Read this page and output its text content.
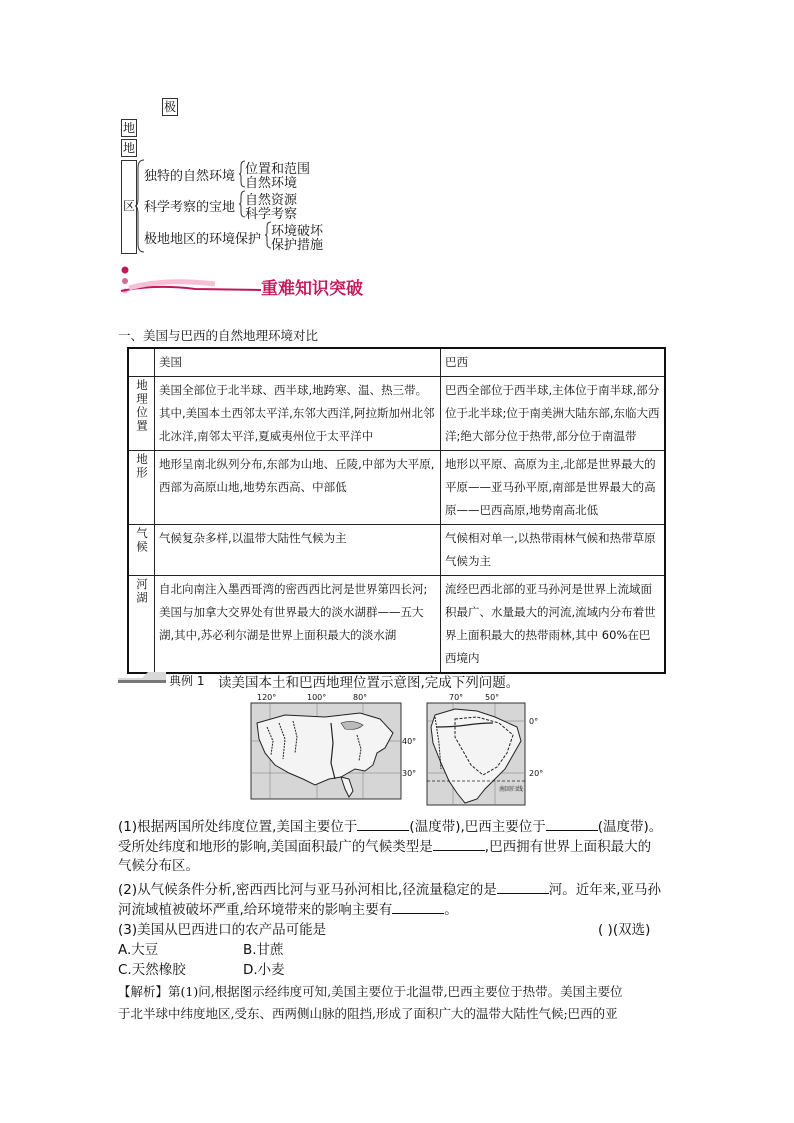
极
地
地
区
独特的自然环境 位置和范围
自然环境
科学考察的宝地 自然资源
科学考察
极地地区的环境保护
环境破坏
保护措施
重难知识突破
一、美国与巴西的自然地理环境对比
	美国	巴西
地理位置	美国全部位于北半球、西半球,地跨寒、温、热三带。其中,美国本土西邻太平洋,东邻大西洋,阿拉斯加州北邻北冰洋,南邻太平洋,夏威夷州位于太平洋中	巴西全部位于西半球,主体位于南半球,部分位于北半球;位于南美洲大陆东部,东临大西洋;绝大部分位于热带,部分位于南温带
地形	地形呈南北纵列分布,东部为山地、丘陵,中部为大平原,西部为高原山地,地势东西高、中部低	地形以平原、高原为主,北部是世界最大的平原——亚马孙平原,南部是世界最大的高原——巴西高原,地势南高北低
气候	气候复杂多样,以温带大陆性气候为主	气候相对单一,以热带雨林气候和热带草原气候为主
河湖	自北向南注入墨西哥湾的密西西比河是世界第四长河;美国与加拿大交界处有世界最大的淡水湖群——五大湖,其中,苏必利尔湖是世界上面积最大的淡水湖	流经巴西北部的亚马孙河是世界上流域面积最广、水量最大的河流,流域内分布着世界上面积最大的热带雨林,其中 60%在巴西境内
典例 1 读美国本土和巴西地理位置示意图,完成下列问题。
120°	100°	80°
40°
30°
70°	50°
0°
20°
南回归线
(1)根据两国所处纬度位置,美国主要位于	(温度带),巴西主要位于	(温度带)。
受所处纬度和地形的影响,美国面积最广的气候类型是	,巴西拥有世界上面积最大的
气候分布区。
(2)从气候条件分析,密西西比河与亚马孙河相比,径流量稳定的是	河。近年来,亚马孙
河流域植被破坏严重,给环境带来的影响主要有	。
(3)美国从巴西进口的农产品可能是	( )(双选)
A.大豆	B.甘蔗
C.天然橡胶	D.小麦
【解析】第(1)问,根据图示经纬度可知,美国主要位于北温带,巴西主要位于热带。美国主要位
于北半球中纬度地区,受东、西两侧山脉的阻挡,形成了面积广大的温带大陆性气候;巴西的亚
